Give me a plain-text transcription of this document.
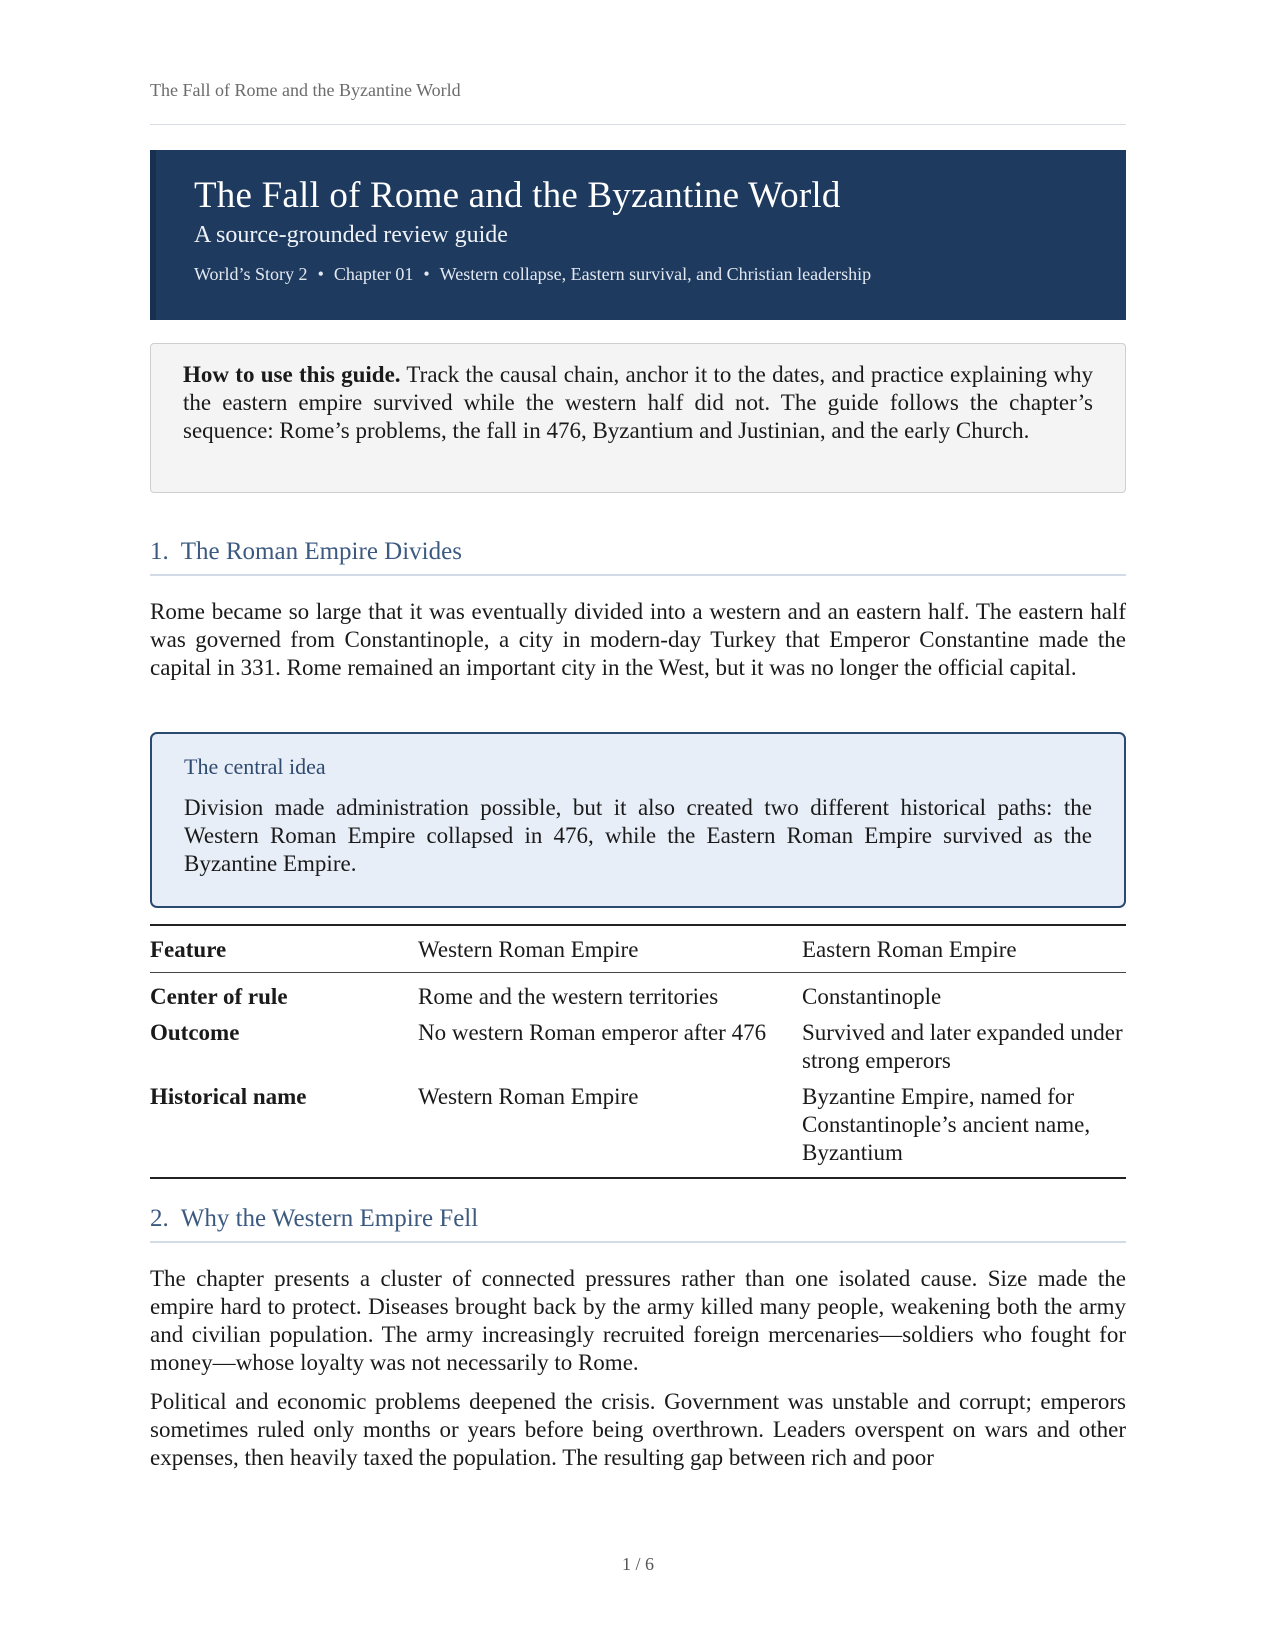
The Fall of Rome and the Byzantine World
The Fall of Rome and the Byzantine World
A source-grounded review guide
World’s Story 2 • Chapter 01 • Western collapse, Eastern survival, and Christian leadership
How to use this guide. Track the causal chain, anchor it to the dates, and practice explaining why the eastern empire survived while the western half did not. The guide follows the chapter’s sequence: Rome’s problems, the fall in 476, Byzantium and Justinian, and the early Church.
1. The Roman Empire Divides
Rome became so large that it was eventually divided into a western and an eastern half. The eastern half was governed from Constantinople, a city in modern-day Turkey that Emperor Constantine made the capital in 331. Rome remained an important city in the West, but it was no longer the official capital.
The central idea
Division made administration possible, but it also created two different historical paths: the Western Roman Empire collapsed in 476, while the Eastern Roman Empire survived as the Byzantine Empire.
Feature	Western Roman Empire	Eastern Roman Empire
Center of rule	Rome and the western territories	Constantinople
Outcome	No western Roman emperor after 476	Survived and later expanded under strong emperors
Historical name	Western Roman Empire	Byzantine Empire, named for Constantinople’s ancient name, Byzantium
2. Why the Western Empire Fell
The chapter presents a cluster of connected pressures rather than one isolated cause. Size made the empire hard to protect. Diseases brought back by the army killed many people, weakening both the army and civilian population. The army increasingly recruited foreign mercenaries—soldiers who fought for money—whose loyalty was not necessarily to Rome.
Political and economic problems deepened the crisis. Government was unstable and corrupt; emperors sometimes ruled only months or years before being overthrown. Leaders overspent on wars and other expenses, then heavily taxed the population. The resulting gap between rich and poor
1 / 6
